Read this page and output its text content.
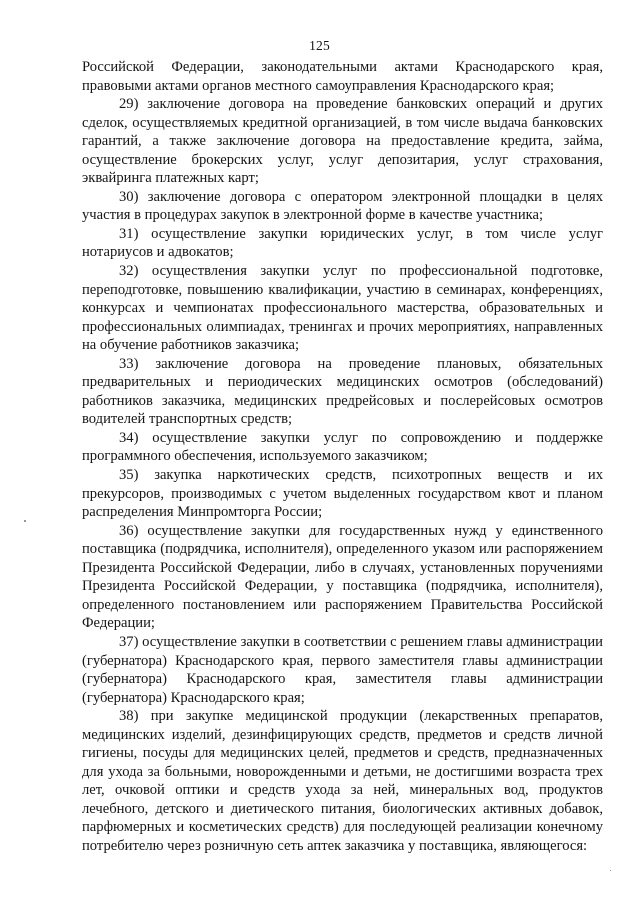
125

Российской Федерации, законодательными актами Краснодарского края, правовыми актами органов местного самоуправления Краснодарского края;

29) заключение договора на проведение банковских операций и других сделок, осуществляемых кредитной организацией, в том числе выдача банковских гарантий, а также заключение договора на предоставление кредита, займа, осуществление брокерских услуг, услуг депозитария, услуг страхования, эквайринга платежных карт;

30) заключение договора с оператором электронной площадки в целях участия в процедурах закупок в электронной форме в качестве участника;

31) осуществление закупки юридических услуг, в том числе услуг нотариусов и адвокатов;

32) осуществления закупки услуг по профессиональной подготовке, переподготовке, повышению квалификации, участию в семинарах, конференциях, конкурсах и чемпионатах профессионального мастерства, образовательных и профессиональных олимпиадах, тренингах и прочих мероприятиях, направленных на обучение работников заказчика;

33) заключение договора на проведение плановых, обязательных предварительных и периодических медицинских осмотров (обследований) работников заказчика, медицинских предрейсовых и послерейсовых осмотров водителей транспортных средств;

34) осуществление закупки услуг по сопровождению и поддержке программного обеспечения, используемого заказчиком;

35) закупка наркотических средств, психотропных веществ и их прекурсоров, производимых с учетом выделенных государством квот и планом распределения Минпромторга России;

36) осуществление закупки для государственных нужд у единственного поставщика (подрядчика, исполнителя), определенного указом или распоряжением Президента Российской Федерации, либо в случаях, установленных поручениями Президента Российской Федерации, у поставщика (подрядчика, исполнителя), определенного постановлением или распоряжением Правительства Российской Федерации;

37) осуществление закупки в соответствии с решением главы администрации (губернатора) Краснодарского края, первого заместителя главы администрации (губернатора) Краснодарского края, заместителя главы администрации (губернатора) Краснодарского края;

38) при закупке медицинской продукции (лекарственных препаратов, медицинских изделий, дезинфицирующих средств, предметов и средств личной гигиены, посуды для медицинских целей, предметов и средств, предназначенных для ухода за больными, новорожденными и детьми, не достигшими возраста трех лет, очковой оптики и средств ухода за ней, минеральных вод, продуктов лечебного, детского и диетического питания, биологических активных добавок, парфюмерных и косметических средств) для последующей реализации конечному потребителю через розничную сеть аптек заказчика у поставщика, являющегося:
